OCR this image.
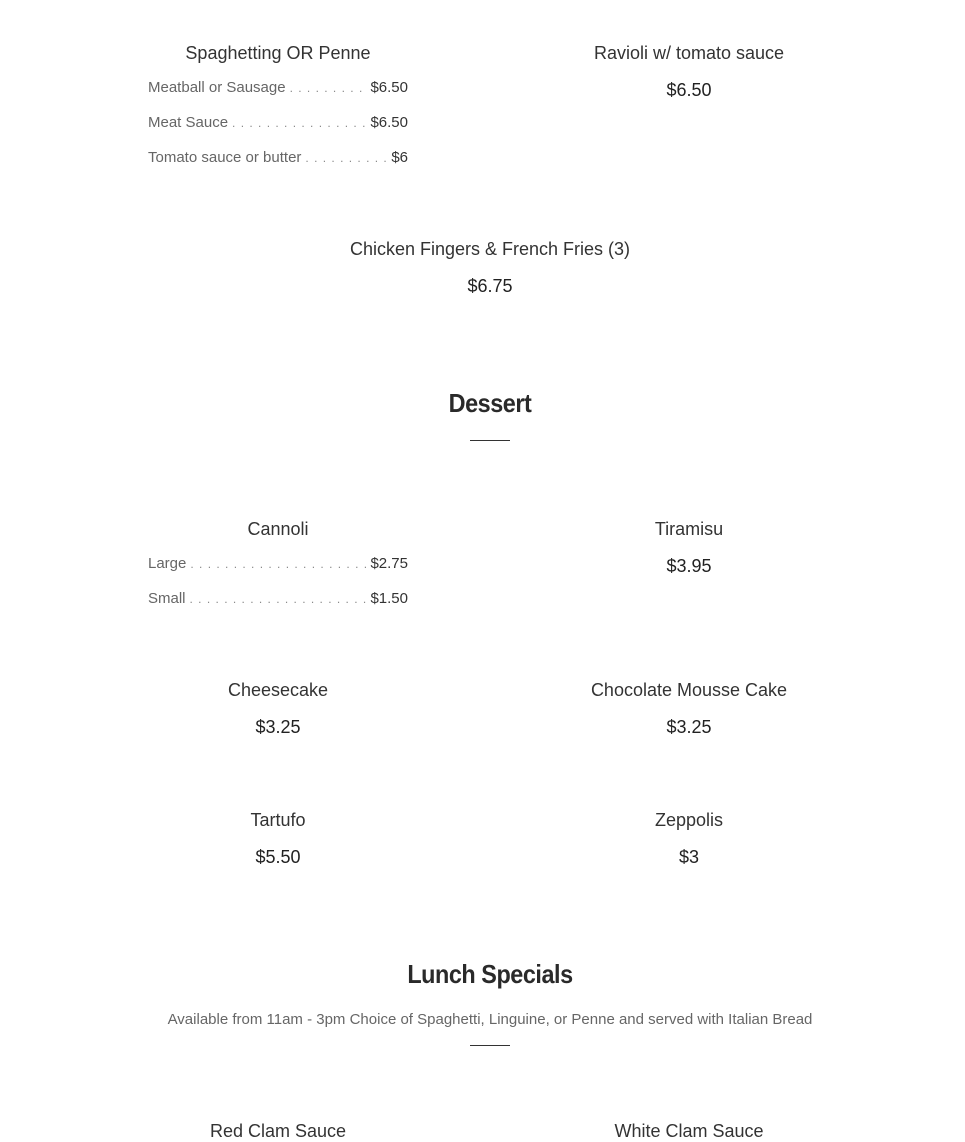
Spaghetting OR Penne
Meatball or Sausage . . .	$6.50
Meat Sauce . . .	$6.50
Tomato sauce or butter . . .	$6
Ravioli w/ tomato sauce
$6.50
Chicken Fingers & French Fries (3)
$6.75
Dessert
Cannoli
Large . . .	$2.75
Small . . .	$1.50
Tiramisu
$3.95
Cheesecake
$3.25
Chocolate Mousse Cake
$3.25
Tartufo
$5.50
Zeppolis
$3
Lunch Specials
Available from 11am - 3pm Choice of Spaghetti, Linguine, or Penne and served with Italian Bread
Red Clam Sauce	White Clam Sauce
